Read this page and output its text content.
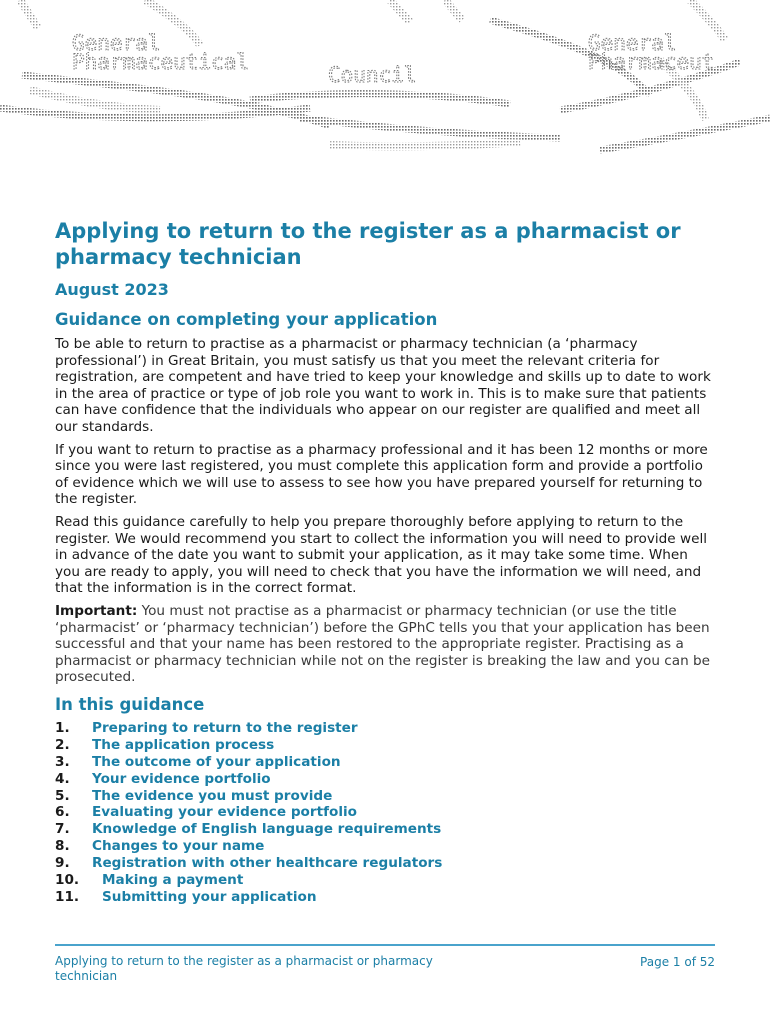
General
Pharmaceutical
Council
General
Pharmaceut
Applying to return to the register as a pharmacist or pharmacy technician
August 2023
Guidance on completing your application

To be able to return to practise as a pharmacist or pharmacy technician (a ‘pharmacy professional’) in Great Britain, you must satisfy us that you meet the relevant criteria for registration, are competent and have tried to keep your knowledge and skills up to date to work in the area of practice or type of job role you want to work in. This is to make sure that patients can have confidence that the individuals who appear on our register are qualified and meet all our standards.

If you want to return to practise as a pharmacy professional and it has been 12 months or more since you were last registered, you must complete this application form and provide a portfolio of evidence which we will use to assess to see how you have prepared yourself for returning to the register.

Read this guidance carefully to help you prepare thoroughly before applying to return to the register. We would recommend you start to collect the information you will need to provide well in advance of the date you want to submit your application, as it may take some time. When you are ready to apply, you will need to check that you have the information we will need, and that the information is in the correct format.

Important: You must not practise as a pharmacist or pharmacy technician (or use the title ‘pharmacist’ or ‘pharmacy technician’) before the GPhC tells you that your application has been successful and that your name has been restored to the appropriate register. Practising as a pharmacist or pharmacy technician while not on the register is breaking the law and you can be prosecuted.

In this guidance
1.	Preparing to return to the register
2.	The application process
3.	The outcome of your application
4.	Your evidence portfolio
5.	The evidence you must provide
6.	Evaluating your evidence portfolio
7.	Knowledge of English language requirements
8.	Changes to your name
9.	Registration with other healthcare regulators
10.	Making a payment
11.	Submitting your application
Applying to return to the register as a pharmacist or pharmacy technician
Page 1 of 52
